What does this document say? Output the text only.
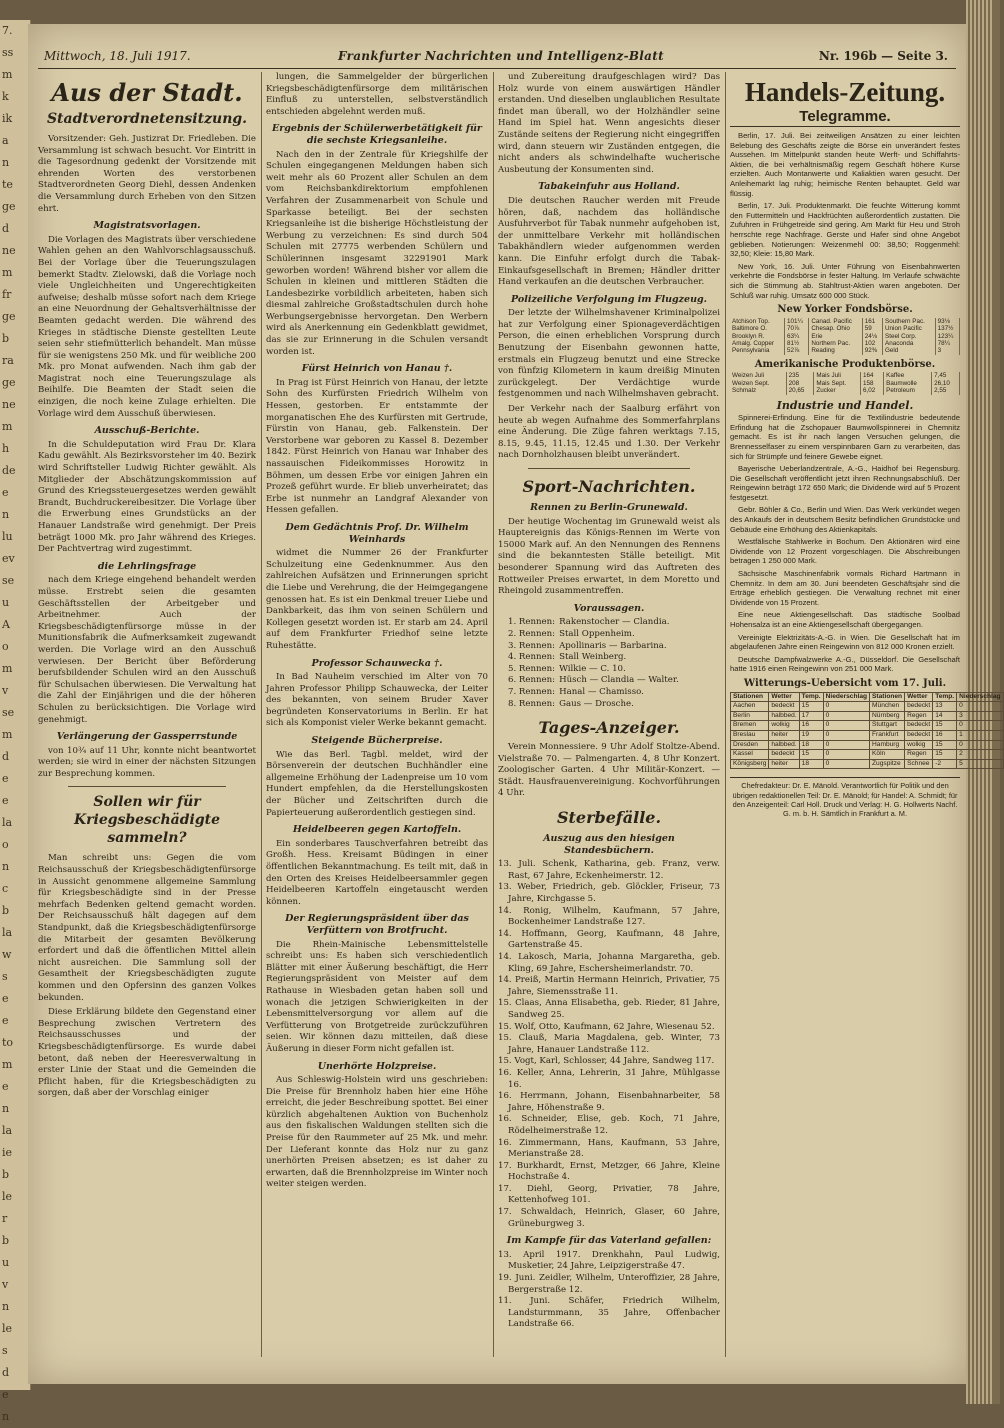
7.
ss
m
k
ik
a
n
te
ge
d
ne
m
fr
ge
b
ra
ge
ne
m
h
de
e
n
lu
ev
se
u
A
o
m
v
se
m
d
e
e
la
o
n
c
b
la
w
s
e
e
to
m
e
n
la
ie
b
le
r
b
u
v
n
le
s
d
e
n
Mittwoch, 18. Juli 1917.	Frankfurter Nachrichten und Intelligenz-Blatt	Nr. 196b — Seite 3.
Aus der Stadt.
Stadtverordnetensitzung.

Vorsitzender: Geh. Justizrat Dr. Friedleben. Die Versammlung ist schwach besucht. Vor Eintritt in die Tagesordnung gedenkt der Vorsitzende mit ehrenden Worten des verstorbenen Stadtverordneten Georg Diehl, dessen Andenken die Versammlung durch Erheben von den Sitzen ehrt.

Magistratsvorlagen.

Die Vorlagen des Magistrats über verschiedene Wahlen gehen an den Wahlvorschlagsausschuß. Bei der Vorlage über die Teuerungszulagen bemerkt Stadtv. Zielowski, daß die Vorlage noch viele Ungleichheiten und Ungerechtigkeiten aufweise; deshalb müsse sofort nach dem Kriege an eine Neuordnung der Gehaltsverhältnisse der Beamten gedacht werden. Die während des Krieges in städtische Dienste gestellten Leute seien sehr stiefmütterlich behandelt. Man müsse für sie wenigstens 250 Mk. und für weibliche 200 Mk. pro Monat aufwenden. Nach ihm gab der Magistrat noch eine Teuerungszulage als Beihilfe. Die Beamten der Stadt seien die einzigen, die noch keine Zulage erhielten. Die Vorlage wird dem Ausschuß überwiesen.

Ausschuß-Berichte.

In die Schuldeputation wird Frau Dr. Klara Kadu gewählt. Als Bezirksvorsteher im 40. Bezirk wird Schriftsteller Ludwig Richter gewählt. Als Mitglieder der Abschätzungskommission auf Grund des Kriegssteuergesetzes werden gewählt Brandt, Buchdruckereibesitzer. Die Vorlage über die Erwerbung eines Grundstücks an der Hanauer Landstraße wird genehmigt. Der Preis beträgt 1000 Mk. pro Jahr während des Krieges. Der Pachtvertrag wird zugestimmt.

die Lehrlingsfrage

nach dem Kriege eingehend behandelt werden müsse. Erstrebt seien die gesamten Geschäftsstellen der Arbeitgeber und Arbeitnehmer. Auch der Kriegsbeschädigtenfürsorge müsse in der Munitionsfabrik die Aufmerksamkeit zugewandt werden. Die Vorlage wird an den Ausschuß verwiesen. Der Bericht über Beförderung berufsbildender Schulen wird an den Ausschuß für Schulsachen überwiesen. Die Verwaltung hat die Zahl der Einjährigen und die der höheren Schulen zu berücksichtigen. Die Vorlage wird genehmigt.

Verlängerung der Gassperrstunde

von 10¾ auf 11 Uhr, konnte nicht beantwortet werden; sie wird in einer der nächsten Sitzungen zur Besprechung kommen.

Sollen wir für Kriegsbeschädigte sammeln?

Man schreibt uns: Gegen die vom Reichsausschuß der Kriegsbeschädigtenfürsorge in Aussicht genommene allgemeine Sammlung für Kriegsbeschädigte sind in der Presse mehrfach Bedenken geltend gemacht worden. Der Reichsausschuß hält dagegen auf dem Standpunkt, daß die Kriegsbeschädigtenfürsorge die Mitarbeit der gesamten Bevölkerung erfordert und daß die öffentlichen Mittel allein nicht ausreichen. Die Sammlung soll der Gesamtheit der Kriegsbeschädigten zugute kommen und den Opfersinn des ganzen Volkes bekunden.

Diese Erklärung bildete den Gegenstand einer Besprechung zwischen Vertretern des Reichsausschusses und der Kriegsbeschädigtenfürsorge. Es wurde dabei betont, daß neben der Heeresverwaltung in erster Linie der Staat und die Gemeinden die Pflicht haben, für die Kriegsbeschädigten zu sorgen, daß aber der Vorschlag einiger

lungen, die Sammelgelder der bürgerlichen Kriegsbeschädigtenfürsorge dem militärischen Einfluß zu unterstellen, selbstverständlich entschieden abgelehnt werden muß.

Ergebnis der Schülerwerbetätigkeit für die sechste Kriegsanleihe.

Nach den in der Zentrale für Kriegshilfe der Schulen eingegangenen Meldungen haben sich weit mehr als 60 Prozent aller Schulen an dem vom Reichsbankdirektorium empfohlenen Verfahren der Zusammenarbeit von Schule und Sparkasse beteiligt. Bei der sechsten Kriegsanleihe ist die bisherige Höchstleistung der Werbung zu verzeichnen: Es sind durch 504 Schulen mit 27775 werbenden Schülern und Schülerinnen insgesamt 32291901 Mark geworben worden! Während bisher vor allem die Schulen in kleinen und mittleren Städten die Landesbezirke vorbildlich arbeiteten, haben sich diesmal zahlreiche Großstadtschulen durch hohe Werbungsergebnisse hervorgetan. Den Werbern wird als Anerkennung ein Gedenkblatt gewidmet, das sie zur Erinnerung in die Schulen versandt worden ist.

Fürst Heinrich von Hanau †.

In Prag ist Fürst Heinrich von Hanau, der letzte Sohn des Kurfürsten Friedrich Wilhelm von Hessen, gestorben. Er entstammte der morganatischen Ehe des Kurfürsten mit Gertrude, Fürstin von Hanau, geb. Falkenstein. Der Verstorbene war geboren zu Kassel 8. Dezember 1842. Fürst Heinrich von Hanau war Inhaber des nassauischen Fideikommisses Horowitz in Böhmen, um dessen Erbe vor einigen Jahren ein Prozeß geführt wurde. Er blieb unverheiratet; das Erbe ist nunmehr an Landgraf Alexander von Hessen gefallen.

Dem Gedächtnis Prof. Dr. Wilhelm Weinhards

widmet die Nummer 26 der Frankfurter Schulzeitung eine Gedenknummer. Aus den zahlreichen Aufsätzen und Erinnerungen spricht die Liebe und Verehrung, die der Heimgegangene genossen hat. Es ist ein Denkmal treuer Liebe und Dankbarkeit, das ihm von seinen Schülern und Kollegen gesetzt worden ist. Er starb am 24. April auf dem Frankfurter Friedhof seine letzte Ruhestätte.

Professor Schauwecka †.

In Bad Nauheim verschied im Alter von 70 Jahren Professor Philipp Schauwecka, der Leiter des bekannten, von seinem Bruder Xaver begründeten Konservatoriums in Berlin. Er hat sich als Komponist vieler Werke bekannt gemacht.

Steigende Bücherpreise.

Wie das Berl. Tagbl. meldet, wird der Börsenverein der deutschen Buchhändler eine allgemeine Erhöhung der Ladenpreise um 10 vom Hundert empfehlen, da die Herstellungskosten der Bücher und Zeitschriften durch die Papierteuerung außerordentlich gestiegen sind.

Heidelbeeren gegen Kartoffeln.

Ein sonderbares Tauschverfahren betreibt das Großh. Hess. Kreisamt Büdingen in einer öffentlichen Bekanntmachung. Es teilt mit, daß in den Orten des Kreises Heidelbeersammler gegen Heidelbeeren Kartoffeln eingetauscht werden können.

Der Regierungspräsident über das Verfüttern von Brotfrucht.

Die Rhein-Mainische Lebensmittelstelle schreibt uns: Es haben sich verschiedentlich Blätter mit einer Äußerung beschäftigt, die Herr Regierungspräsident von Meister auf dem Rathause in Wiesbaden getan haben soll und wonach die jetzigen Schwierigkeiten in der Lebensmittelversorgung vor allem auf die Verfütterung von Brotgetreide zurückzuführen seien. Wir können dazu mitteilen, daß diese Äußerung in dieser Form nicht gefallen ist.

Unerhörte Holzpreise.

Aus Schleswig-Holstein wird uns geschrieben: Die Preise für Brennholz haben hier eine Höhe erreicht, die jeder Beschreibung spottet. Bei einer kürzlich abgehaltenen Auktion von Buchenholz aus den fiskalischen Waldungen stellten sich die Preise für den Raummeter auf 25 Mk. und mehr. Der Lieferant konnte das Holz nur zu ganz unerhörten Preisen absetzen; es ist daher zu erwarten, daß die Brennholzpreise im Winter noch weiter steigen werden.

und Zubereitung draufgeschlagen wird? Das Holz wurde von einem auswärtigen Händler erstanden. Und dieselben unglaublichen Resultate findet man überall, wo der Holzhändler seine Hand im Spiel hat. Wenn angesichts dieser Zustände seitens der Regierung nicht eingegriffen wird, dann steuern wir Zuständen entgegen, die nicht anders als schwindelhafte wucherische Ausbeutung der Konsumenten sind.

Tabakeinfuhr aus Holland.

Die deutschen Raucher werden mit Freude hören, daß, nachdem das holländische Ausfuhrverbot für Tabak nunmehr aufgehoben ist, der unmittelbare Verkehr mit holländischen Tabakhändlern wieder aufgenommen werden kann. Die Einfuhr erfolgt durch die Tabak-Einkaufsgesellschaft in Bremen; Händler dritter Hand verkaufen an die deutschen Verbraucher.

Polizeiliche Verfolgung im Flugzeug.

Der letzte der Wilhelmshavener Kriminalpolizei hat zur Verfolgung einer Spionageverdächtigen Person, die einen erheblichen Vorsprung durch Benutzung der Eisenbahn gewonnen hatte, erstmals ein Flugzeug benutzt und eine Strecke von fünfzig Kilometern in kaum dreißig Minuten zurückgelegt. Der Verdächtige wurde festgenommen und nach Wilhelmshaven gebracht.

Der Verkehr nach der Saalburg erfährt von heute ab wegen Aufnahme des Sommerfahrplans eine Änderung. Die Züge fahren werktags 7.15, 8.15, 9.45, 11.15, 12.45 und 1.30. Der Verkehr nach Dornholzhausen bleibt unverändert.

Sport-Nachrichten.
Rennen zu Berlin-Grunewald.

Der heutige Wochentag im Grunewald weist als Hauptereignis das Königs-Rennen im Werte von 15000 Mark auf. An den Nennungen des Rennens sind die bekanntesten Ställe beteiligt. Mit besonderer Spannung wird das Auftreten des Rottweiler Preises erwartet, in dem Moretto und Rheingold zusammentreffen.

Voraussagen.
1. Rennen:	Rakenstocher — Clandia.
2. Rennen:	Stall Oppenheim.
3. Rennen:	Apollinaris — Barbarina.
4. Rennen:	Stall Weinberg.
5. Rennen:	Wilkie — C. 10.
6. Rennen:	Hüsch — Clandia — Walter.
7. Rennen:	Hanal — Chamisso.
8. Rennen:	Gaus — Drosche.
Tages-Anzeiger.

Verein Monnessiere. 9 Uhr Adolf Stoltze-Abend. Vielstraße 70. — Palmengarten. 4, 8 Uhr Konzert. Zoologischer Garten. 4 Uhr Militär-Konzert. — Städt. Hausfrauenvereinigung. Kochvorführungen 4 Uhr.

Sterbefälle.
Auszug aus den hiesigen Standesbüchern.
13. Juli. Schenk, Katharina, geb. Franz, verw. Rast, 67 Jahre, Eckenheimerstr. 12.
13. Weber, Friedrich, geb. Glöckler, Friseur, 73 Jahre, Kirchgasse 5.
14. Ronig, Wilhelm, Kaufmann, 57 Jahre, Bockenheimer Landstraße 127.
14. Hoffmann, Georg, Kaufmann, 48 Jahre, Gartenstraße 45.
14. Lakosch, Maria, Johanna Margaretha, geb. Kling, 69 Jahre, Eschersheimerlandstr. 70.
14. Preiß, Martin Hermann Heinrich, Privatier, 75 Jahre, Siemensstraße 11.
15. Claas, Anna Elisabetha, geb. Rieder, 81 Jahre, Sandweg 25.
15. Wolf, Otto, Kaufmann, 62 Jahre, Wiesenau 52.
15. Clauß, Maria Magdalena, geb. Winter, 73 Jahre, Hanauer Landstraße 112.
15. Vogt, Karl, Schlosser, 44 Jahre, Sandweg 117.
16. Keller, Anna, Lehrerin, 31 Jahre, Mühlgasse 16.
16. Herrmann, Johann, Eisenbahnarbeiter, 58 Jahre, Höhenstraße 9.
16. Schneider, Elise, geb. Koch, 71 Jahre, Rödelheimerstraße 12.
16. Zimmermann, Hans, Kaufmann, 53 Jahre, Merianstraße 28.
17. Burkhardt, Ernst, Metzger, 66 Jahre, Kleine Hochstraße 4.
17. Diehl, Georg, Privatier, 78 Jahre, Kettenhofweg 101.
17. Schwaldach, Heinrich, Glaser, 60 Jahre, Grüneburgweg 3.
Im Kampfe für das Vaterland gefallen:
13. April 1917. Drenkhahn, Paul Ludwig, Musketier, 24 Jahre, Leipzigerstraße 47.
19. Juni. Zeidler, Wilhelm, Unteroffizier, 28 Jahre, Bergerstraße 12.
11. Juni. Schäfer, Friedrich Wilhelm, Landsturmmann, 35 Jahre, Offenbacher Landstraße 66.
Handels-Zeitung.
Telegramme.

Berlin, 17. Juli. Bei zeitweiligen Ansätzen zu einer leichten Belebung des Geschäfts zeigte die Börse ein unverändert festes Aussehen. Im Mittelpunkt standen heute Werft- und Schiffahrts-Aktien, die bei verhältnismäßig regem Geschäft höhere Kurse erzielten. Auch Montanwerte und Kaliaktien waren gesucht. Der Anleihemarkt lag ruhig; heimische Renten behauptet. Geld war flüssig.

Berlin, 17. Juli. Produktenmarkt. Die feuchte Witterung kommt den Futtermitteln und Hackfrüchten außerordentlich zustatten. Die Zufuhren in Frühgetreide sind gering. Am Markt für Heu und Stroh herrschte rege Nachfrage. Gerste und Hafer sind ohne Angebot geblieben. Notierungen: Weizenmehl 00: 38,50; Roggenmehl: 32,50; Kleie: 15,80 Mark.

New York, 16. Juli. Unter Führung von Eisenbahnwerten verkehrte die Fondsbörse in fester Haltung. Im Verlaufe schwächte sich die Stimmung ab. Stahltrust-Aktien waren angeboten. Der Schluß war ruhig. Umsatz 600 000 Stück.

New Yorker Fondsbörse.
Atchison Top.	101¼	Canad. Pacific	161	Southern Pac.	93⅛
Baltimore O.	70⅞	Chesap. Ohio	59	Union Pacific	137½
Brooklyn R.	63¼	Erie	24⅛	Steel Corp.	123¼
Amalg. Copper	81½	Northern Pac.	102	Anaconda	78¼
Pennsylvania	52⅞	Reading	92⅜	Geld	3
Amerikanische Produktenbörse.
Weizen Juli	235	Mais Juli	164	Kaffee	7,45
Weizen Sept.	208	Mais Sept.	158	Baumwolle	26,10
Schmalz	20,65	Zucker	6,02	Petroleum	2,55
Industrie und Handel.

Spinnerei-Erfindung. Eine für die Textilindustrie bedeutende Erfindung hat die Zschopauer Baumwollspinnerei in Chemnitz gemacht. Es ist ihr nach langen Versuchen gelungen, die Brennesselfaser zu einem verspinnbaren Garn zu verarbeiten, das sich für Strümpfe und feinere Gewebe eignet.

Bayerische Ueberlandzentrale, A.-G., Haidhof bei Regensburg. Die Gesellschaft veröffentlicht jetzt ihren Rechnungsabschluß. Der Reingewinn beträgt 172 650 Mark; die Dividende wird auf 5 Prozent festgesetzt.

Gebr. Böhler & Co., Berlin und Wien. Das Werk verkündet wegen des Ankaufs der in deutschem Besitz befindlichen Grundstücke und Gebäude eine Erhöhung des Aktienkapitals.

Westfälische Stahlwerke in Bochum. Den Aktionären wird eine Dividende von 12 Prozent vorgeschlagen. Die Abschreibungen betragen 1 250 000 Mark.

Sächsische Maschinenfabrik vormals Richard Hartmann in Chemnitz. In dem am 30. Juni beendeten Geschäftsjahr sind die Erträge erheblich gestiegen. Die Verwaltung rechnet mit einer Dividende von 15 Prozent.

Eine neue Aktiengesellschaft. Das städtische Soolbad Hohensalza ist an eine Aktiengesellschaft übergegangen.

Vereinigte Elektrizitäts-A.-G. in Wien. Die Gesellschaft hat im abgelaufenen Jahre einen Reingewinn von 812 000 Kronen erzielt.

Deutsche Dampfwalzwerke A.-G., Düsseldorf. Die Gesellschaft hatte 1916 einen Reingewinn von 251 000 Mark.

Witterungs-Uebersicht vom 17. Juli.
Stationen	Wetter	Temp.	Niederschlag	Stationen	Wetter	Temp.	Niederschlag
Aachen	bedeckt	15	0	München	bedeckt	13	0
Berlin	halbbed.	17	0	Nürnberg	Regen	14	3
Bremen	wolkig	16	0	Stuttgart	bedeckt	15	0
Breslau	heiter	19	0	Frankfurt	bedeckt	16	1
Dresden	halbbed.	18	0	Hamburg	wolkig	15	0
Kassel	bedeckt	15	0	Köln	Regen	15	2
Königsberg	heiter	18	0	Zugspitze	Schnee	-2	5
Chefredakteur: Dr. E. Mänold. Verantwortlich für Politik und den übrigen redaktionellen Teil: Dr. E. Mänold; für Handel: A. Schmidt; für den Anzeigenteil: Carl Holl. Druck und Verlag: H. G. Hollwerts Nachf. G. m. b. H. Sämtlich in Frankfurt a. M.
